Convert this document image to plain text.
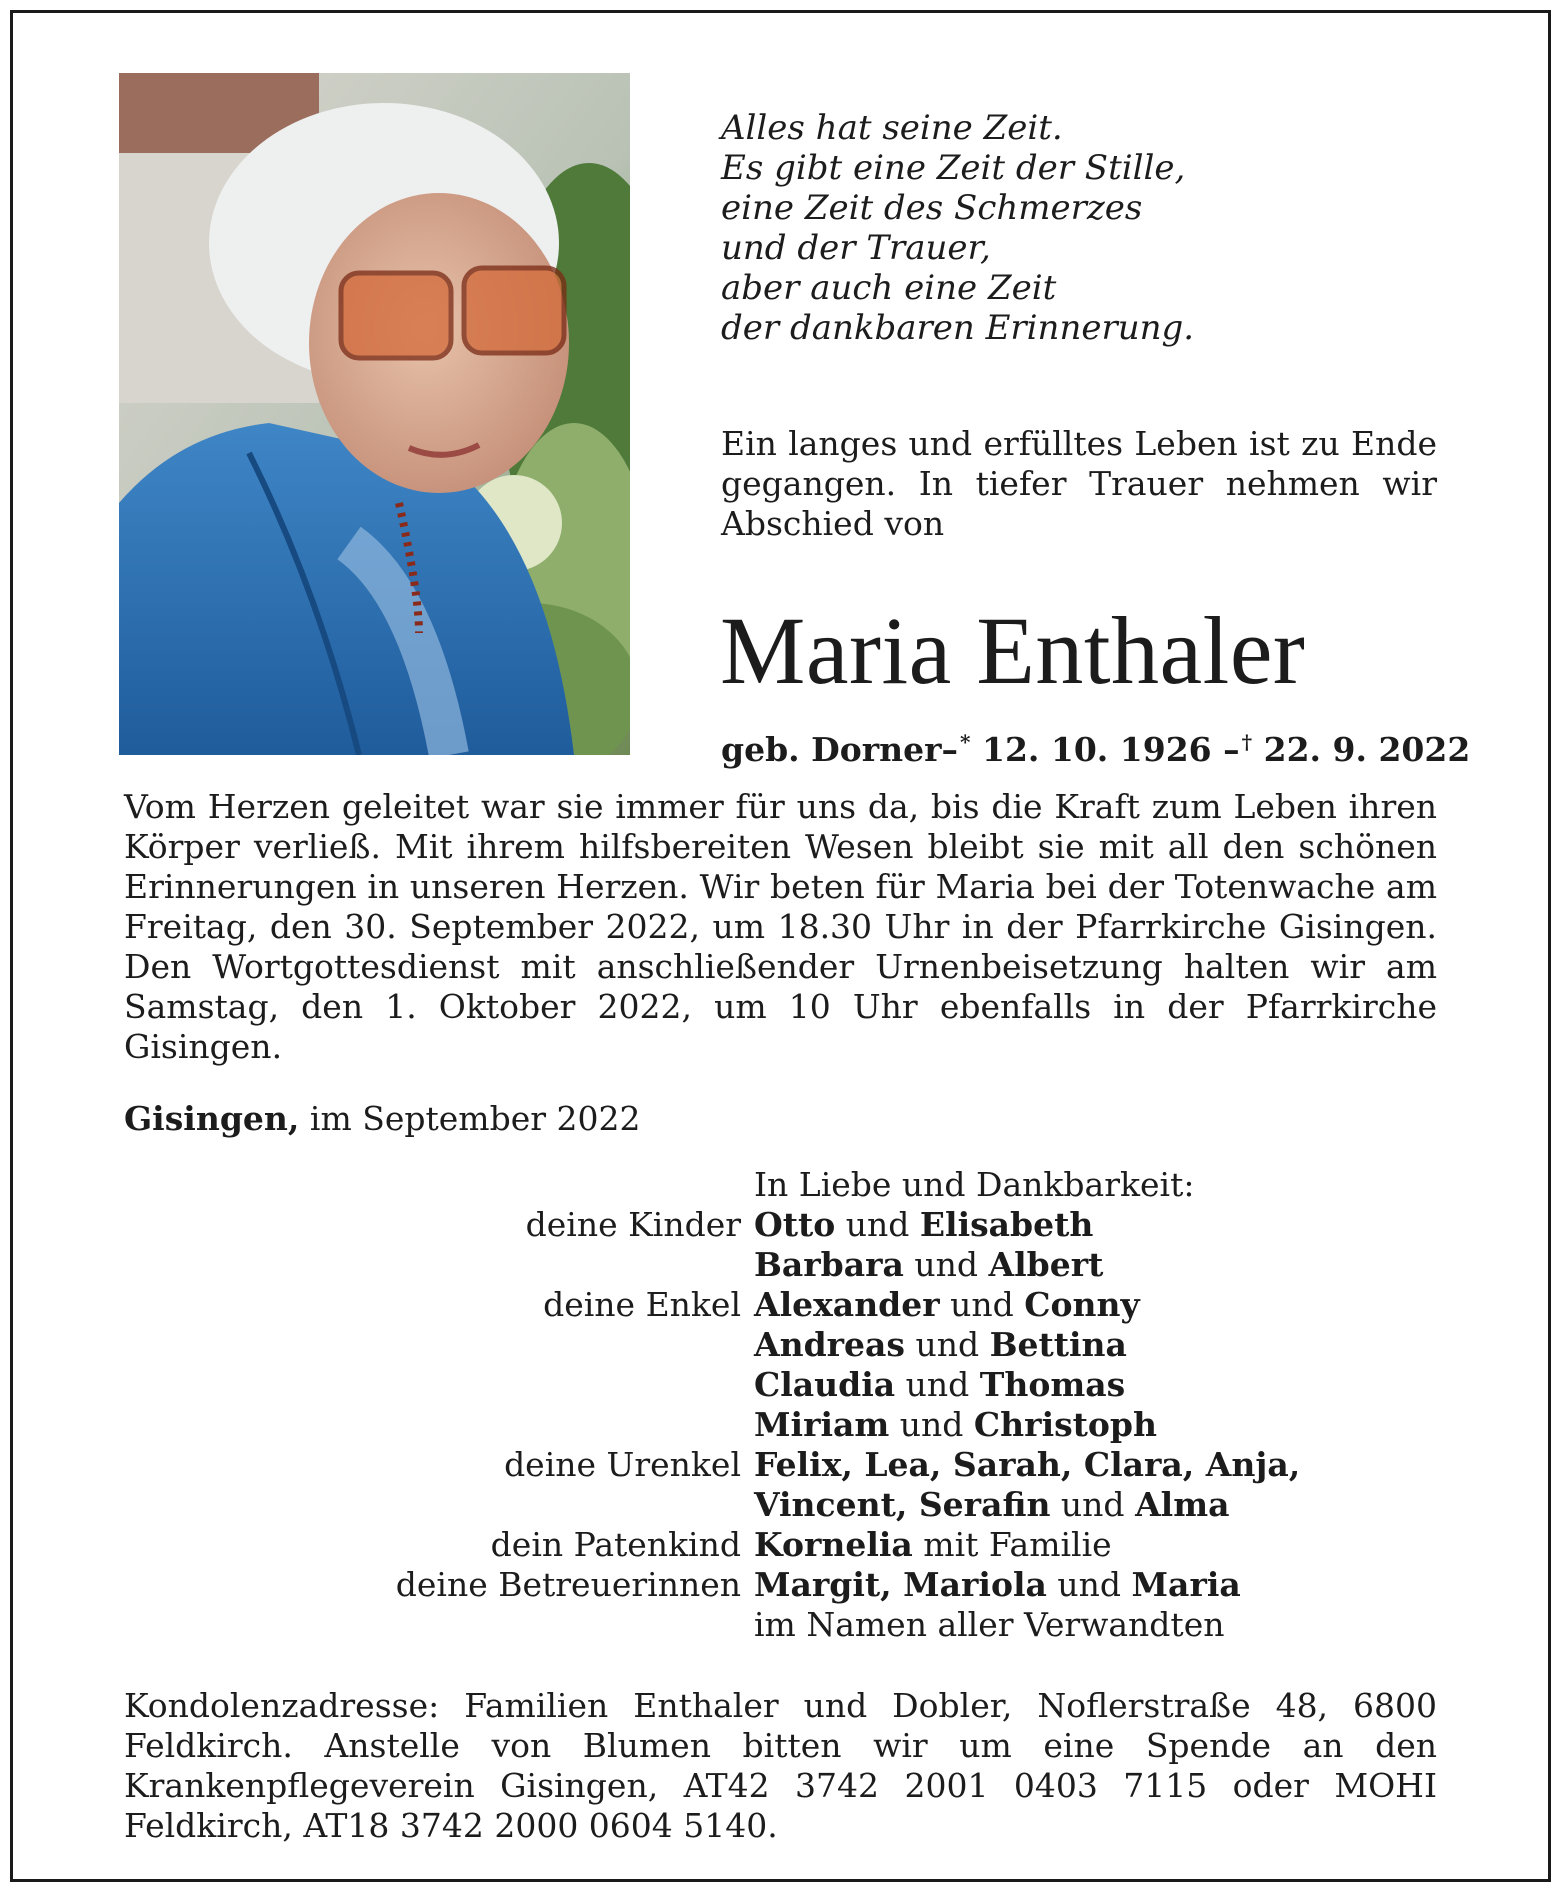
Alles hat seine Zeit.
Es gibt eine Zeit der Stille,
eine Zeit des Schmerzes
und der Trauer,
aber auch eine Zeit
der dankbaren Erinnerung.
Ein langes und erfülltes Leben ist zu Ende gegangen. In tiefer Trauer nehmen wir Abschied von
Maria Enthaler
geb. Dorner– * 12. 10. 1926 – † 22. 9. 2022
Vom Herzen geleitet war sie immer für uns da, bis die Kraft zum Leben ihren Körper verließ. Mit ihrem hilfsbereiten Wesen bleibt sie mit all den schönen Erinnerungen in unseren Herzen. Wir beten für Maria bei der Totenwache am Freitag, den 30. September 2022, um 18.30 Uhr in der Pfarrkirche Gisingen. Den Wortgottesdienst mit anschließender Urnenbeisetzung halten wir am Samstag, den 1. Oktober 2022, um 10 Uhr ebenfalls in der Pfarrkirche Gisingen.
Gisingen, im September 2022
In Liebe und Dankbarkeit:
deine Kinder Otto und Elisabeth
Barbara und Albert
deine Enkel Alexander und Conny
Andreas und Bettina
Claudia und Thomas
Miriam und Christoph
deine Urenkel Felix, Lea, Sarah, Clara, Anja,
Vincent, Serafin und Alma
dein Patenkind Kornelia mit Familie
deine Betreuerinnen Margit, Mariola und Maria
im Namen aller Verwandten
Kondolenzadresse: Familien Enthaler und Dobler, Noflerstraße 48, 6800 Feldkirch. Anstelle von Blumen bitten wir um eine Spende an den Krankenpflegeverein Gisingen, AT42 3742 2001 0403 7115 oder MOHI Feldkirch, AT18 3742 2000 0604 5140.
